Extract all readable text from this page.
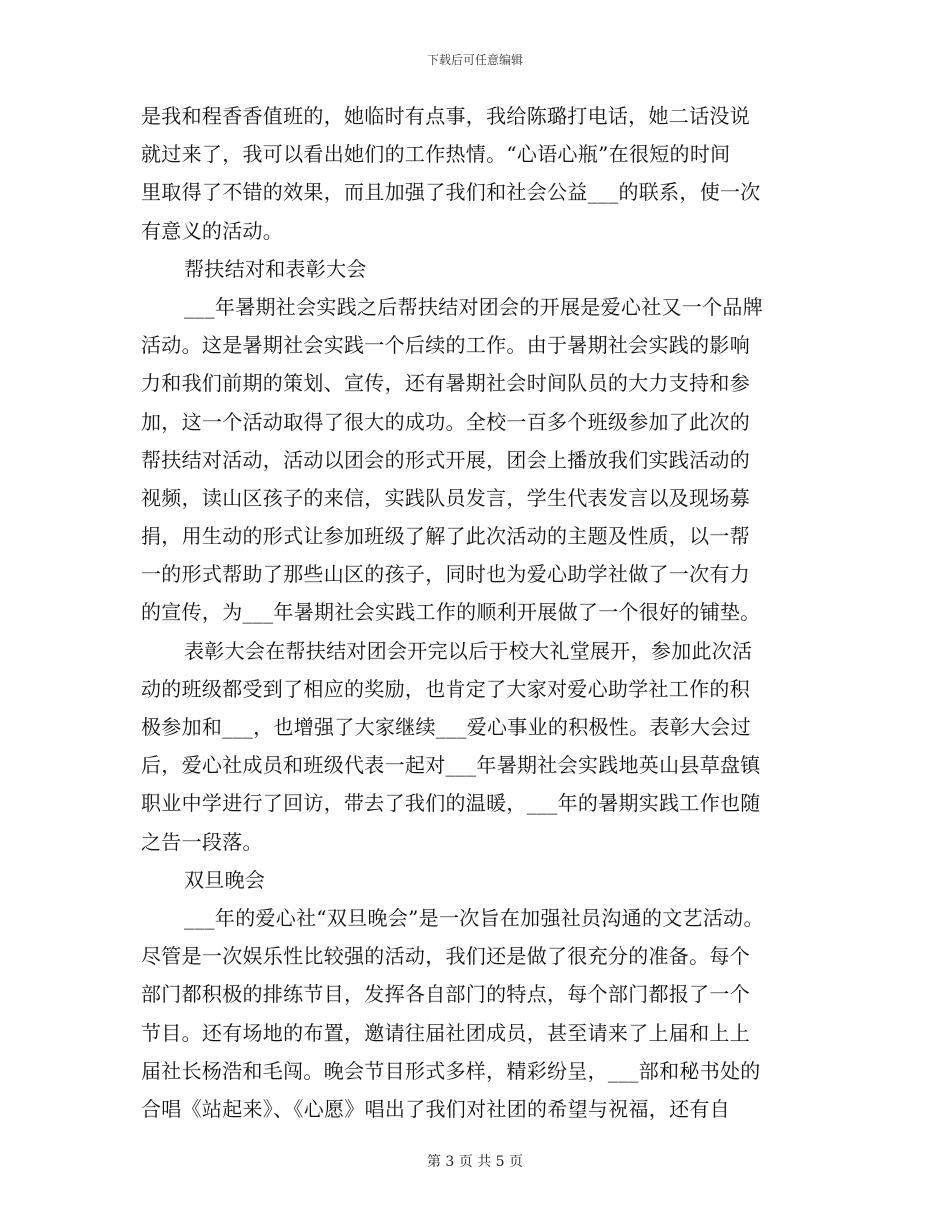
下载后可任意编辑
是我和程香香值班的，她临时有点事，我给陈璐打电话，她二话没说
就过来了，我可以看出她们的工作热情。“心语心瓶”在很短的时间
里取得了不错的效果，而且加强了我们和社会公益___的联系，使一次
有意义的活动。
帮扶结对和表彰大会
___年暑期社会实践之后帮扶结对团会的开展是爱心社又一个品牌
活动。这是暑期社会实践一个后续的工作。由于暑期社会实践的影响
力和我们前期的策划、宣传，还有暑期社会时间队员的大力支持和参
加，这一个活动取得了很大的成功。全校一百多个班级参加了此次的
帮扶结对活动，活动以团会的形式开展，团会上播放我们实践活动的
视频，读山区孩子的来信，实践队员发言，学生代表发言以及现场募
捐，用生动的形式让参加班级了解了此次活动的主题及性质，以一帮
一的形式帮助了那些山区的孩子，同时也为爱心助学社做了一次有力
的宣传，为___年暑期社会实践工作的顺利开展做了一个很好的铺垫。
表彰大会在帮扶结对团会开完以后于校大礼堂展开，参加此次活
动的班级都受到了相应的奖励，也肯定了大家对爱心助学社工作的积
极参加和___，也增强了大家继续___爱心事业的积极性。表彰大会过
后，爱心社成员和班级代表一起对___年暑期社会实践地英山县草盘镇
职业中学进行了回访，带去了我们的温暖，___年的暑期实践工作也随
之告一段落。
双旦晚会
___年的爱心社“双旦晚会”是一次旨在加强社员沟通的文艺活动。
尽管是一次娱乐性比较强的活动，我们还是做了很充分的准备。每个
部门都积极的排练节目，发挥各自部门的特点，每个部门都报了一个
节目。还有场地的布置，邀请往届社团成员，甚至请来了上届和上上
届社长杨浩和毛闯。晚会节目形式多样，精彩纷呈，___部和秘书处的
合唱《站起来》、《心愿》唱出了我们对社团的希望与祝福，还有自
第 3 页 共 5 页
